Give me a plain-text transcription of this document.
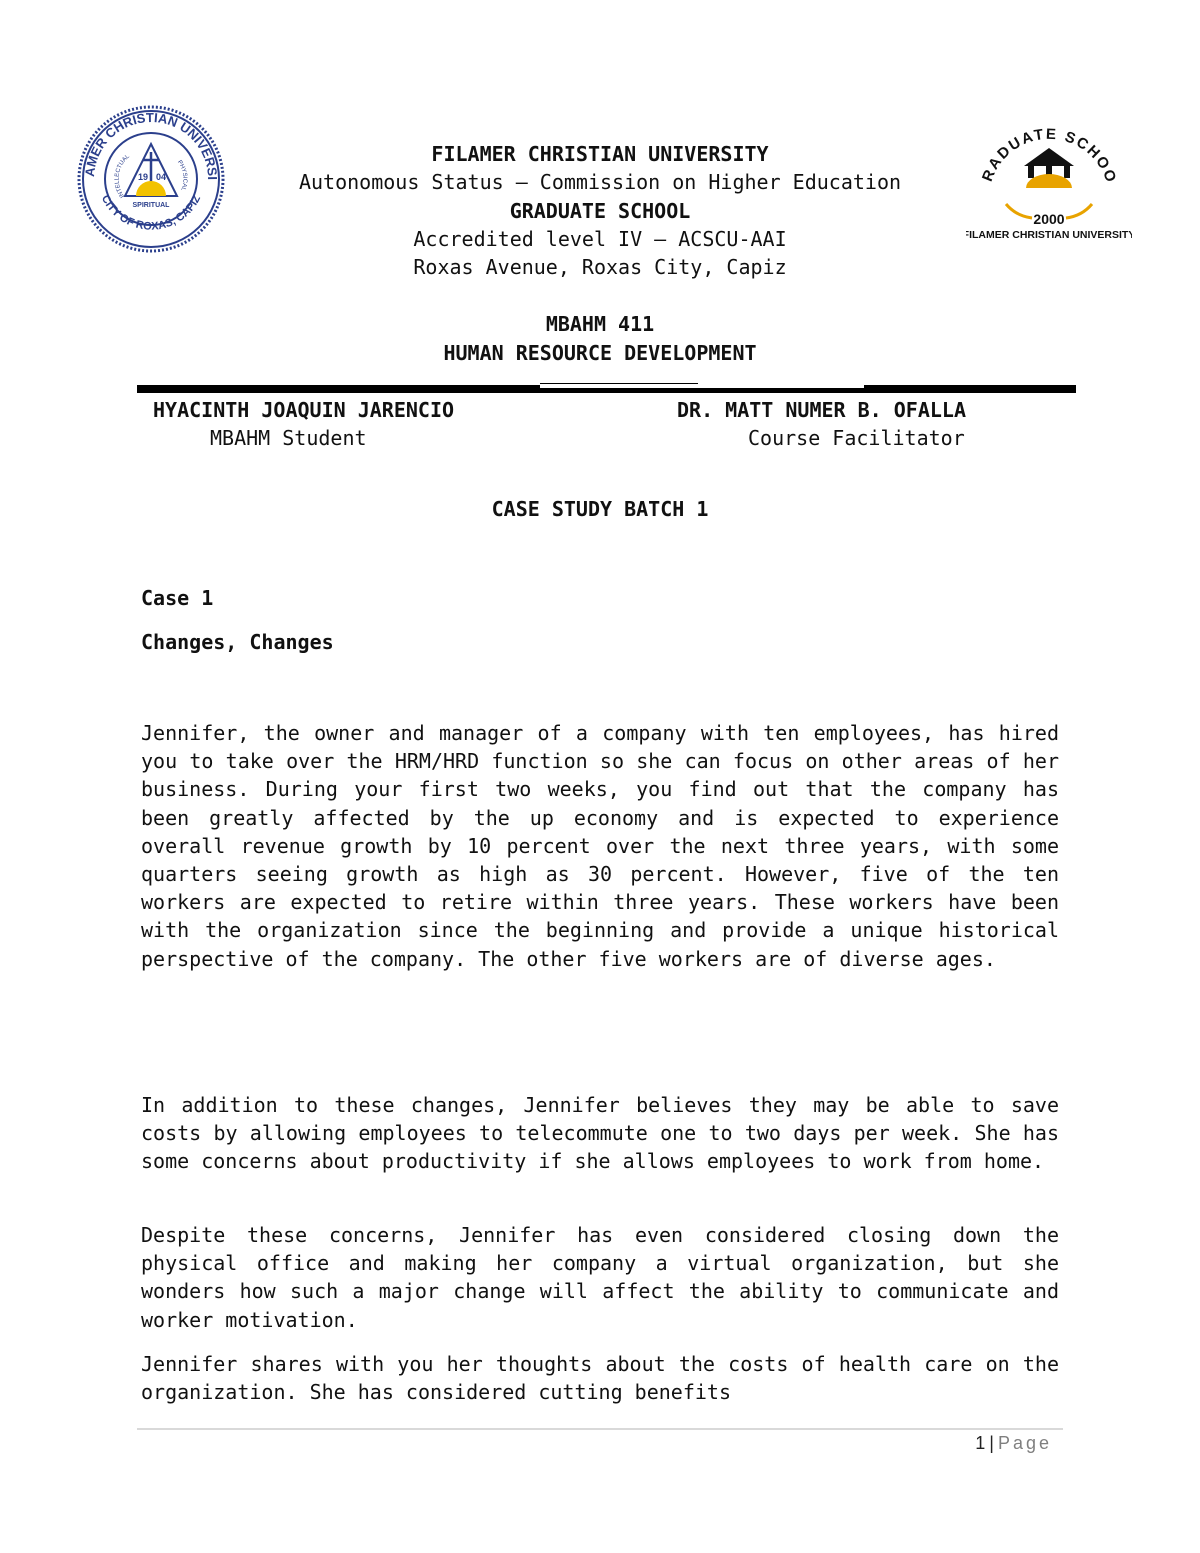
AMER CHRISTIAN UNIVERSI
CITY OF ROXAS, CAPIZ
INTELLECTUAL
PHYSICAL
19 04
SPIRITUAL
RADUATE SCHOO
2000
FILAMER CHRISTIAN UNIVERSITY
FILAMER CHRISTIAN UNIVERSITY
Autonomous Status – Commission on Higher Education
GRADUATE SCHOOL
Accredited level IV – ACSCU-AAI
Roxas Avenue, Roxas City, Capiz
MBAHM 411
HUMAN RESOURCE DEVELOPMENT
HYACINTH JOAQUIN JARENCIO
MBAHM Student
DR. MATT NUMER B. OFALLA
Course Facilitator
CASE STUDY BATCH 1
Case 1
Changes, Changes

Jennifer, the owner and manager of a company with ten employees, has hired you to take over the HRM/HRD function so she can focus on other areas of her business. During your first two weeks, you find out that the company has been greatly affected by the up economy and is expected to experience overall revenue growth by 10 percent over the next three years, with some quarters seeing growth as high as 30 percent. However, five of the ten workers are expected to retire within three years. These workers have been with the organization since the beginning and provide a unique historical perspective of the company. The other five workers are of diverse ages.

In addition to these changes, Jennifer believes they may be able to save costs by allowing employees to telecommute one to two days per week. She has some concerns about productivity if she allows employees to work from home.

Despite these concerns, Jennifer has even considered closing down the physical office and making her company a virtual organization, but she wonders how such a major change will affect the ability to communicate and worker motivation.

Jennifer shares with you her thoughts about the costs of health care on the organization. She has considered cutting benefits

1 | Page
